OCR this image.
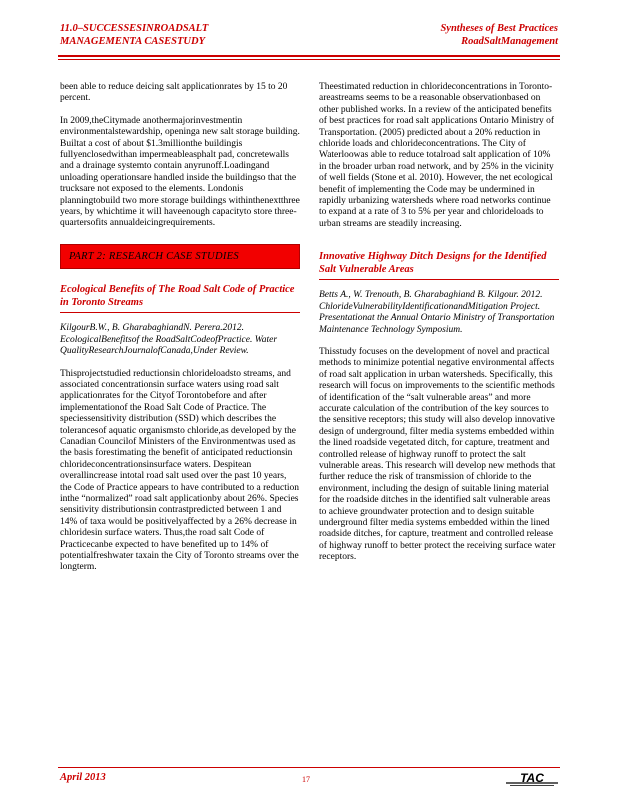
11.0–SUCCESSESINROADSALT
MANAGEMENTA CASESTUDY
Syntheses of Best Practices
RoadSaltManagement

been able to reduce deicing salt applicationrates by 15 to 20 percent.

In 2009,theCitymade anothermajorinvestmentin environmentalstewardship, openinga new salt storage building. Builtat a cost of about $1.3millionthe buildingis fullyenclosedwithan impermeableasphalt pad, concretewalls and a drainage systemto contain anyrunoff.Loadingand unloading operationsare handled inside the buildingso that the trucksare not exposed to the elements. Londonis planningtobuild two more storage buildings withinthenextthree years, by whichtime it will haveenough capacityto store three-quartersofits annualdeicingrequirements.

PART 2: RESEARCH CASE STUDIES
Ecological Benefits of The Road Salt Code of Practice in Toronto Streams

KilgourB.W., B. GharabaghiandN. Perera.2012. EcologicalBenefitsof the RoadSaltCodeofPractice. Water QualityResearchJournalofCanada,Under Review.

Thisprojectstudied reductionsin chlorideloadsto streams, and associated concentrationsin surface waters using road salt applicationrates for the Cityof Torontobefore and after implementationof the Road Salt Code of Practice. The speciessensitivity distribution (SSD) which describes the tolerancesof aquatic organismsto chloride,as developed by the Canadian Councilof Ministers of the Environmentwas used as the basis forestimating the benefit of anticipated reductionsin chlorideconcentrationsinsurface waters. Despitean overallincrease intotal road salt used over the past 10 years, the Code of Practice appears to have contributed to a reduction inthe “normalized” road salt applicationby about 26%. Species sensitivity distributionsin contrastpredicted between 1 and 14% of taxa would be positivelyaffected by a 26% decrease in chloridesin surface waters. Thus,the road salt Code of Practicecanbe expected to have benefited up to 14% of potentialfreshwater taxain the City of Toronto streams over the longterm.

Theestimated reduction in chlorideconcentrations in Toronto-areastreams seems to be a reasonable observationbased on other published works. In a review of the anticipated benefits of best practices for road salt applications Ontario Ministry of Transportation. (2005) predicted about a 20% reduction in chloride loads and chlorideconcentrations. The City of Waterloowas able to reduce totalroad salt application of 10% in the broader urban road network, and by 25% in the vicinity of well fields (Stone et al. 2010). However, the net ecological benefit of implementing the Code may be undermined in rapidly urbanizing watersheds where road networks continue to expand at a rate of 3 to 5% per year and chlorideloads to urban streams are steadily increasing.

Innovative Highway Ditch Designs for the Identified Salt Vulnerable Areas

Betts A., W. Trenouth, B. Gharabaghiand B. Kilgour. 2012. ChlorideVulnerabilityIdentificationandMitigation Project. Presentationat the Annual Ontario Ministry of Transportation Maintenance Technology Symposium.

Thisstudy focuses on the development of novel and practical methods to minimize potential negative environmental affects of road salt application in urban watersheds. Specifically, this research will focus on improvements to the scientific methods of identification of the “salt vulnerable areas” and more accurate calculation of the contribution of the key sources to the sensitive receptors; this study will also develop innovative design of underground, filter media systems embedded within the lined roadside vegetated ditch, for capture, treatment and controlled release of highway runoff to protect the salt vulnerable areas. This research will develop new methods that further reduce the risk of transmission of chloride to the environment, including the design of suitable lining material for the roadside ditches in the identified salt vulnerable areas to achieve groundwater protection and to design suitable underground filter media systems embedded within the lined roadside ditches, for capture, treatment and controlled release of highway runoff to better protect the receiving surface water receptors.

April 2013	17	TAC
